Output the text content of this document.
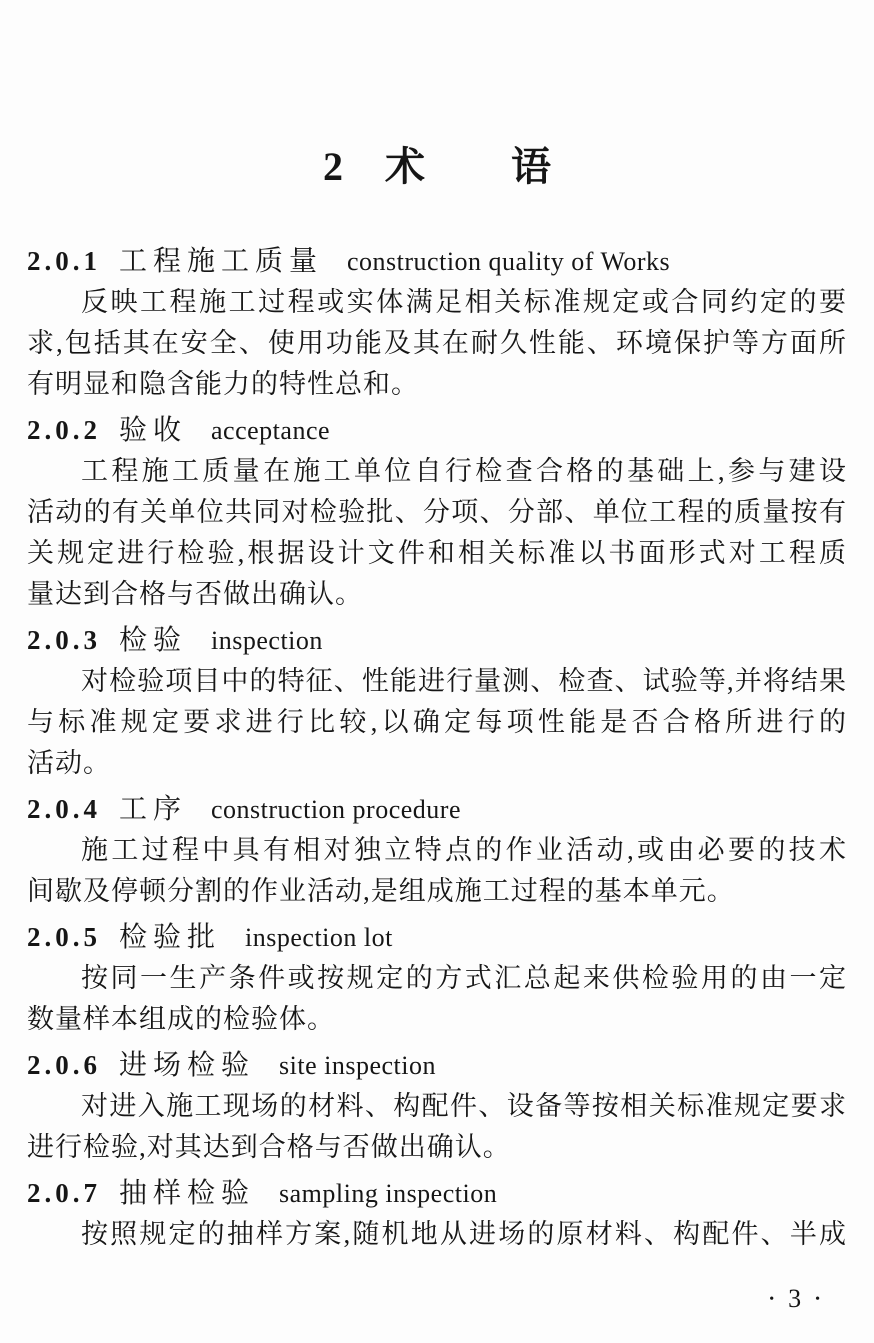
2 术 语
2.0.1 工程施工质量 construction quality of Works
反映工程施工过程或实体满足相关标准规定或合同约定的要
求,包括其在安全、使用功能及其在耐久性能、环境保护等方面所
有明显和隐含能力的特性总和。
2.0.2 验收 acceptance
工程施工质量在施工单位自行检查合格的基础上,参与建设
活动的有关单位共同对检验批、分项、分部、单位工程的质量按有
关规定进行检验,根据设计文件和相关标准以书面形式对工程质
量达到合格与否做出确认。
2.0.3 检验 inspection
对检验项目中的特征、性能进行量测、检查、试验等,并将结果
与标准规定要求进行比较,以确定每项性能是否合格所进行的
活动。
2.0.4 工序 construction procedure
施工过程中具有相对独立特点的作业活动,或由必要的技术
间歇及停顿分割的作业活动,是组成施工过程的基本单元。
2.0.5 检验批 inspection lot
按同一生产条件或按规定的方式汇总起来供检验用的由一定
数量样本组成的检验体。
2.0.6 进场检验 site inspection
对进入施工现场的材料、构配件、设备等按相关标准规定要求
进行检验,对其达到合格与否做出确认。
2.0.7 抽样检验 sampling inspection
按照规定的抽样方案,随机地从进场的原材料、构配件、半成
• 3 •
